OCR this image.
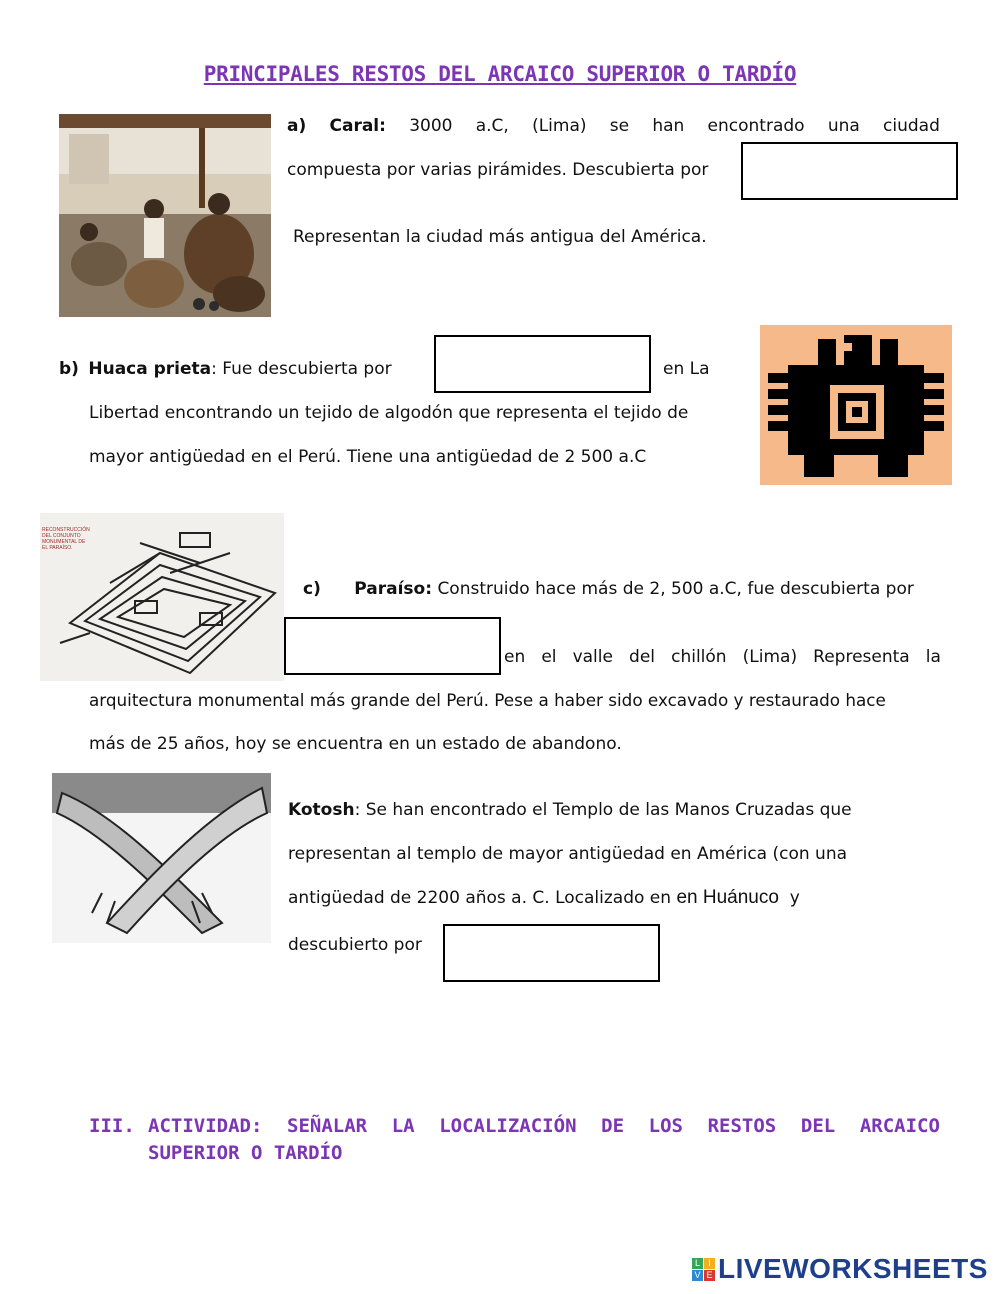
PRINCIPALES RESTOS DEL ARCAICO SUPERIOR O TARDÍO
a) Caral: 3000 a.C, (Lima) se han encontrado una ciudad
compuesta por varias pirámides. Descubierta por
Representan la ciudad más antigua del América.
b) Huaca prieta: Fue descubierta por	en La
Libertad encontrando un tejido de algodón que representa el tejido de
mayor antigüedad en el Perú. Tiene una antigüedad de 2 500 a.C
RECONSTRUCCIÓN DEL CONJUNTO MONUMENTAL DE EL PARAÍSO.
c) Paraíso: Construido hace más de 2, 500 a.C, fue descubierta por
en el valle del chillón (Lima) Representa la
arquitectura monumental más grande del Perú. Pese a haber sido excavado y restaurado hace
más de 25 años, hoy se encuentra en un estado de abandono.
Kotosh: Se han encontrado el Templo de las Manos Cruzadas que
representan al templo de mayor antigüedad en América (con una
antigüedad de 2200 años a. C. Localizado en en Huánuco  y
descubierto por
III. ACTIVIDAD: SEÑALAR LA LOCALIZACIÓN DE LOS RESTOS DEL ARCAICO
SUPERIOR O TARDÍO
L I
V E LIVEWORKSHEETS
